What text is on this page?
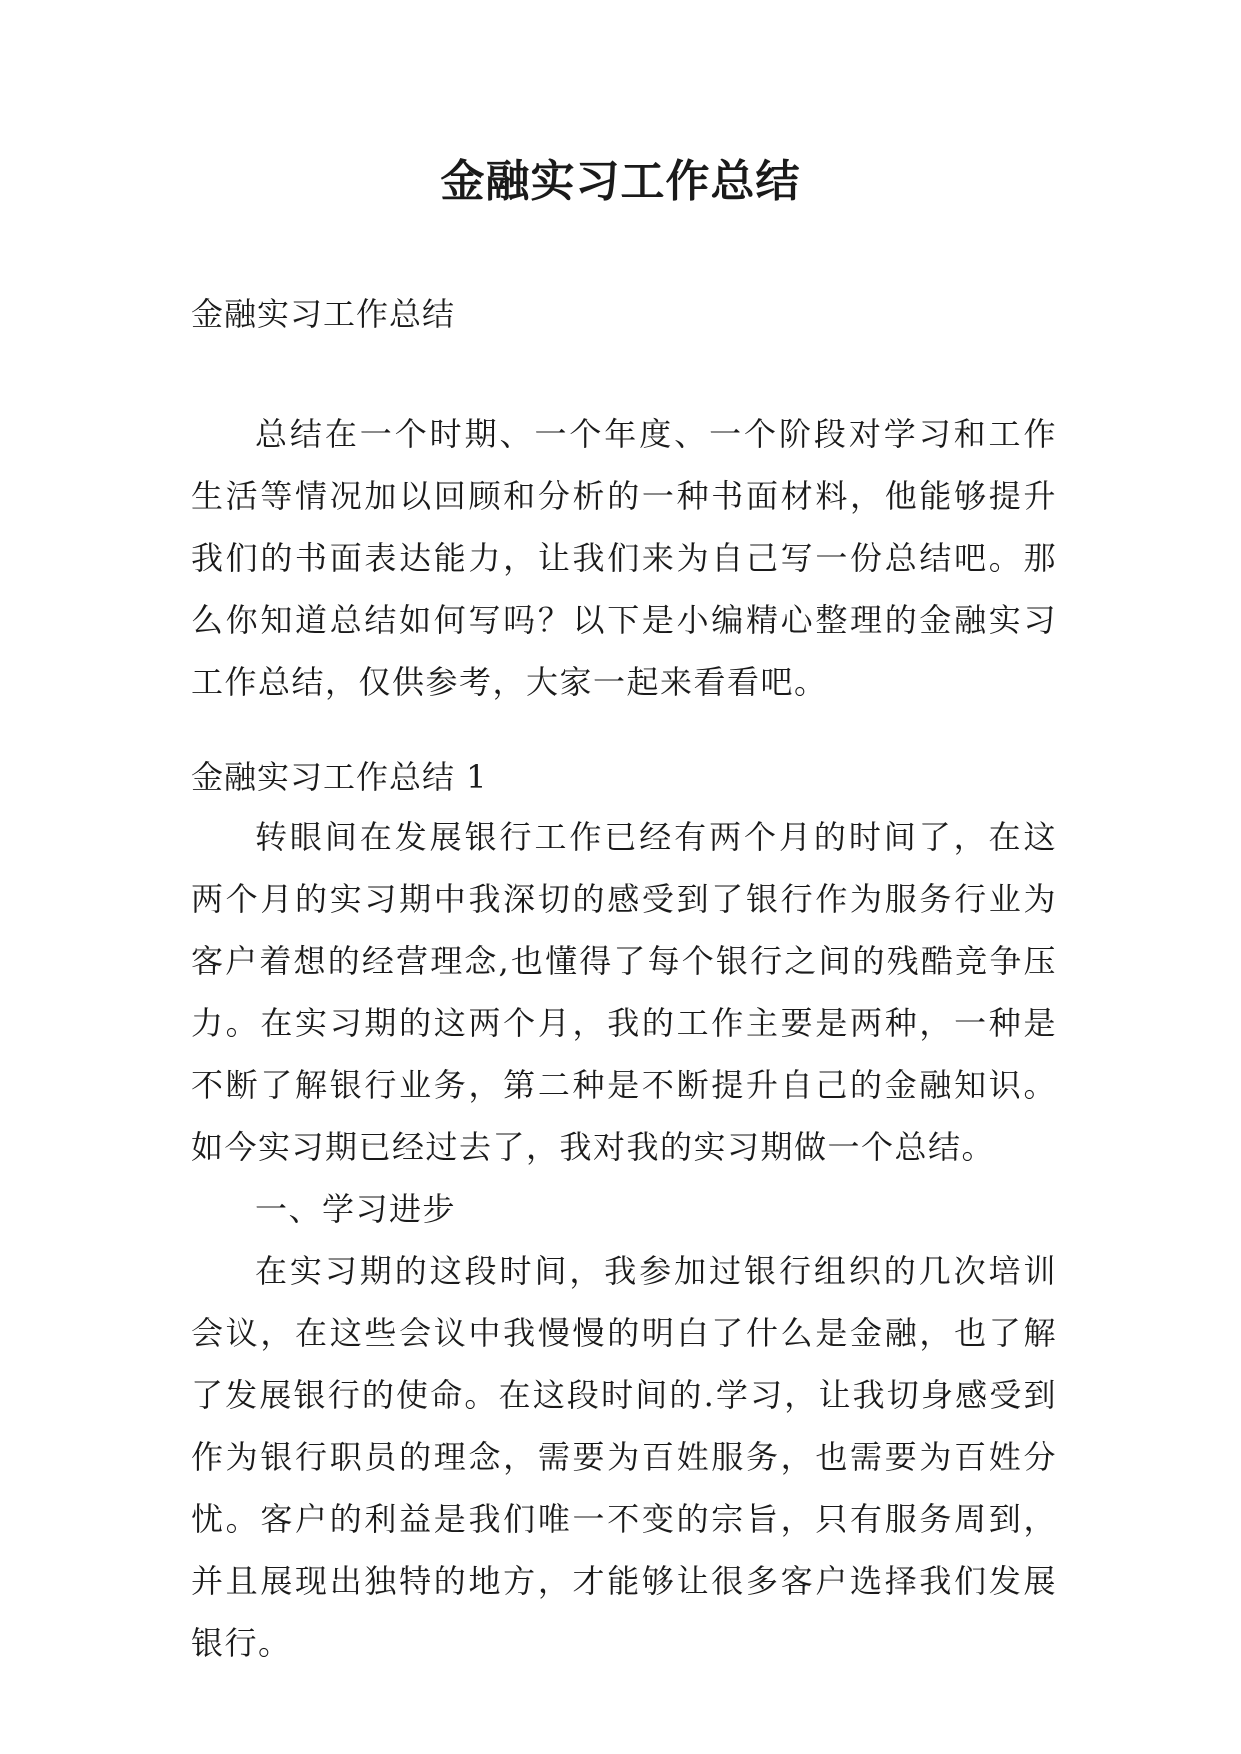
金融实习工作总结
金融实习工作总结

总结在一个时期、一个年度、一个阶段对学习和工作生活等情况加以回顾和分析的一种书面材料，他能够提升我们的书面表达能力，让我们来为自己写一份总结吧。那么你知道总结如何写吗？以下是小编精心整理的金融实习工作总结，仅供参考，大家一起来看看吧。

金融实习工作总结 1

转眼间在发展银行工作已经有两个月的时间了，在这两个月的实习期中我深切的感受到了银行作为服务行业为客户着想的经营理念,也懂得了每个银行之间的残酷竞争压力。在实习期的这两个月，我的工作主要是两种，一种是不断了解银行业务，第二种是不断提升自己的金融知识。如今实习期已经过去了，我对我的实习期做一个总结。

一、学习进步

在实习期的这段时间，我参加过银行组织的几次培训会议，在这些会议中我慢慢的明白了什么是金融，也了解了发展银行的使命。在这段时间的.学习，让我切身感受到作为银行职员的理念，需要为百姓服务，也需要为百姓分忧。客户的利益是我们唯一不变的宗旨，只有服务周到，并且展现出独特的地方，才能够让很多客户选择我们发展银行。
